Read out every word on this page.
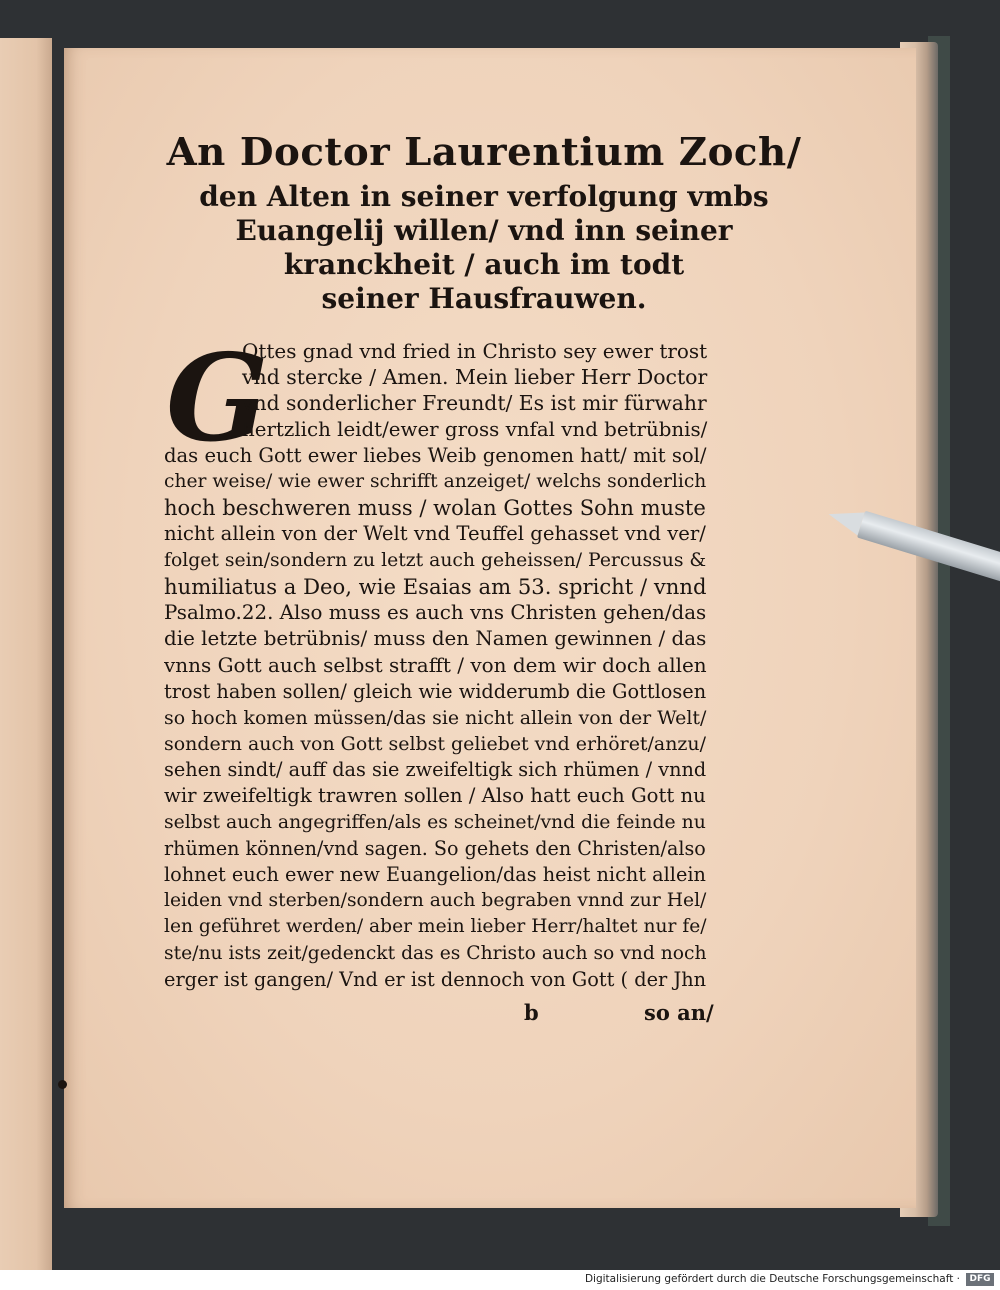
An Doctor Laurentium Zoch/
den Alten in seiner verfolgung vmbs
Euangelij willen/ vnd inn seiner
kranckheit / auch im todt
seiner Hausfrauwen.
G
Ottes gnad vnd fried in Christo sey ewer trost
vnd stercke / Amen. Mein lieber Herr Doctor
vnd sonderlicher Freundt/ Es ist mir fürwahr
hertzlich leidt/ewer gross vnfal vnd betrübnis/
das euch Gott ewer liebes Weib genomen hatt/ mit sol/
cher weise/ wie ewer schrifft anzeiget/ welchs sonderlich
hoch beschweren muss / wolan Gottes Sohn muste
nicht allein von der Welt vnd Teuffel gehasset vnd ver/
folget sein/sondern zu letzt auch geheissen/ Percussus &
humiliatus a Deo, wie Esaias am 53. spricht / vnnd
Psalmo.22. Also muss es auch vns Christen gehen/das
die letzte betrübnis/ muss den Namen gewinnen / das
vnns Gott auch selbst strafft / von dem wir doch allen
trost haben sollen/ gleich wie widderumb die Gottlosen
so hoch komen müssen/das sie nicht allein von der Welt/
sondern auch von Gott selbst geliebet vnd erhöret/anzu/
sehen sindt/ auff das sie zweifeltigk sich rhümen / vnnd
wir zweifeltigk trawren sollen / Also hatt euch Gott nu
selbst auch angegriffen/als es scheinet/vnd die feinde nu
rhümen können/vnd sagen. So gehets den Christen/also
lohnet euch ewer new Euangelion/das heist nicht allein
leiden vnd sterben/sondern auch begraben vnnd zur Hel/
len geführet werden/ aber mein lieber Herr/haltet nur fe/
ste/nu ists zeit/gedenckt das es Christo auch so vnd noch
erger ist gangen/ Vnd er ist dennoch von Gott ( der Jhn
b	so an/
Digitalisierung gefördert durch die Deutsche Forschungsgemeinschaft ·	DFG
